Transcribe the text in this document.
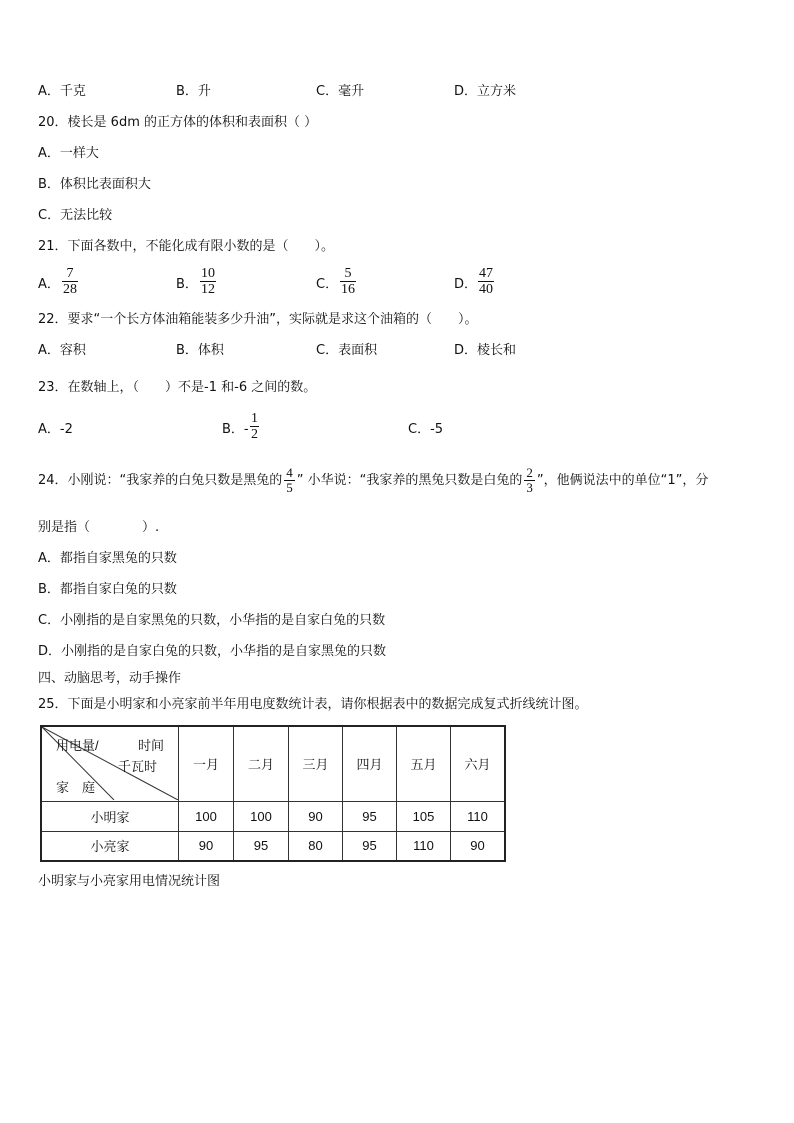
A．千克	B．升	C．毫升	D．立方米
20．棱长是 6dm 的正方体的体积和表面积（ ）
A．一样大
B．体积比表面积大
C．无法比较
21．下面各数中，不能化成有限小数的是（　　）。
A． $\frac{7}{28}$	B． $\frac{10}{12}$	C． $\frac{5}{16}$	D． $\frac{47}{40}$
22．要求“一个长方体油箱能装多少升油”，实际就是求这个油箱的（　　）。
A．容积	B．体积	C．表面积	D．棱长和
23．在数轴上，（　　）不是-1 和-6 之间的数。
A．-2	B．- $\frac{1}{2}$	C．-5
24．小刚说：“我家养的白兔只数是黑兔的 $\frac{4}{5}$ ” 小华说：“我家养的黑兔只数是白兔的 $\frac{2}{3}$ ”，他俩说法中的单位“1”，分
别是指（　　　　）.
A．都指自家黑兔的只数
B．都指自家白兔的只数
C．小刚指的是自家黑兔的只数，小华指的是自家白兔的只数
D．小刚指的是自家白兔的只数，小华指的是自家黑兔的只数
四、动脑思考，动手操作
25．下面是小明家和小亮家前半年用电度数统计表，请你根据表中的数据完成复式折线统计图。
用电量/ 时间
千瓦时
家　庭	一月	二月	三月	四月	五月	六月
小明家	100	100	90	95	105	110
小亮家	90	95	80	95	110	90
小明家与小亮家用电情况统计图
